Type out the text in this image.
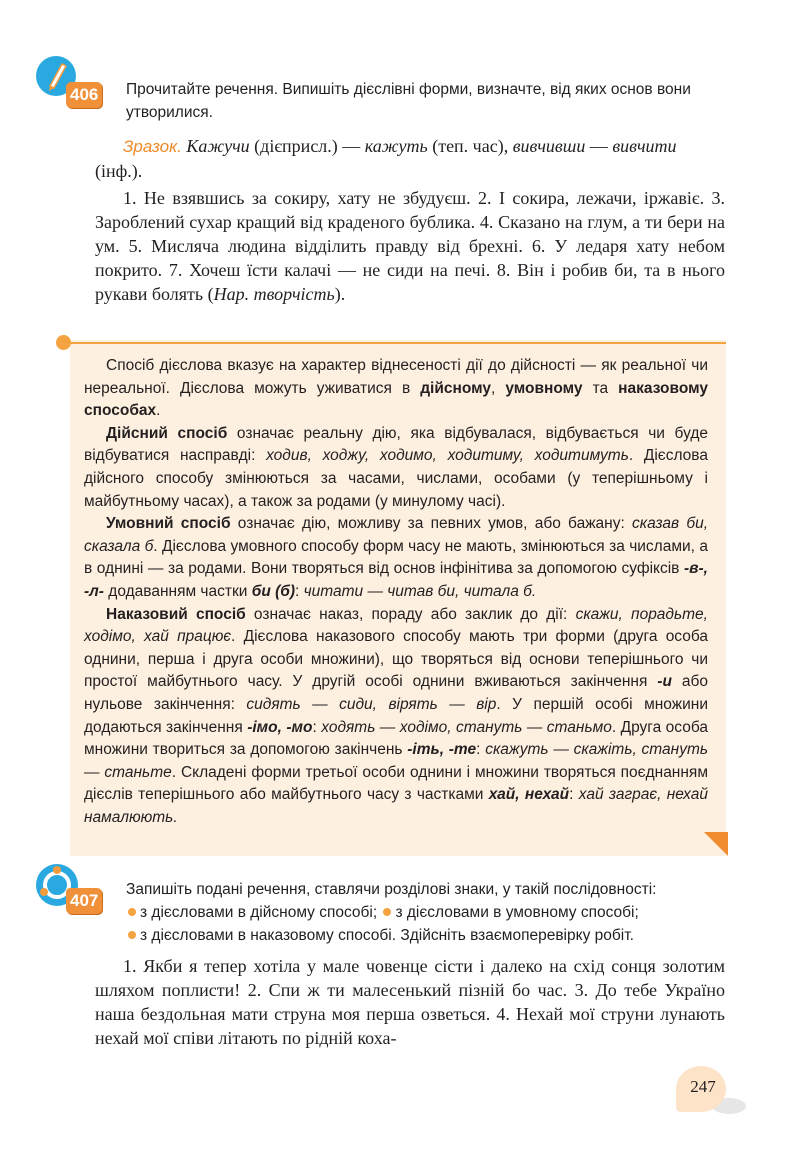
406 Прочитайте речення. Випишіть дієслівні форми, визначте, від яких основ вони утворилися.
Зразок. Кажучи (дієприсл.) — кажуть (теп. час), вивчивши — вивчити (інф.).
1. Не взявшись за сокиру, хату не збудуєш. 2. І сокира, лежачи, іржавіє. 3. Зароблений сухар кращий від краденого бублика. 4. Сказано на глум, а ти бери на ум. 5. Мисляча людина відділить правду від брехні. 6. У ледаря хату небом покрито. 7. Хочеш їсти калачі — не сиди на печі. 8. Він і робив би, та в нього рукави болять (Нар. творчість).

Спосіб дієслова вказує на характер віднесеності дії до дійсності — як реальної чи нереальної. Дієслова можуть уживатися в дійсному, умовному та наказовому способах.

Дійсний спосіб означає реальну дію, яка відбувалася, відбувається чи буде відбуватися насправді: ходив, ходжу, ходимо, ходитиму, ходитимуть. Дієслова дійсного способу змінюються за часами, числами, особами (у теперішньому і майбутньому часах), а також за родами (у минулому часі).

Умовний спосіб означає дію, можливу за певних умов, або бажану: сказав би, сказала б. Дієслова умовного способу форм часу не мають, змінюються за числами, а в однині — за родами. Вони творяться від основ інфінітива за допомогою суфіксів -в-, -л- додаванням частки би (б): читати — читав би, читала б.

Наказовий спосіб означає наказ, пораду або заклик до дії: скажи, порадьте, ходімо, хай працює. Дієслова наказового способу мають три форми (друга особа однини, перша і друга особи множини), що творяться від основи теперішнього чи простої майбутнього часу. У другій особі однини вживаються закінчення -и або нульове закінчення: сидять — сиди, вірять — вір. У першій особі множини додаються закінчення -імо, -мо: ходять — ходімо, стануть — станьмо. Друга особа множини твориться за допомогою закінчень -іть, -те: скажуть — скажіть, стануть — станьте. Складені форми третьої особи однини і множини творяться поєднанням дієслів теперішнього або майбутнього часу з частками хай, нехай: хай заграє, нехай намалюють.

407
Запишіть подані речення, ставлячи розділові знаки, у такій послідовності:
з дієсловами в дійсному способі; з дієсловами в умовному способі;
з дієсловами в наказовому способі. Здійсніть взаємоперевірку робіт.
1. Якби я тепер хотіла у мале човенце сісти і далеко на схід сонця золотим шляхом поплисти! 2. Спи ж ти малесенький пізній бо час. 3. До тебе Україно наша бездольная мати струна моя перша озветься. 4. Нехай мої струни лунають нехай мої співи літають по рідній коха-
247
